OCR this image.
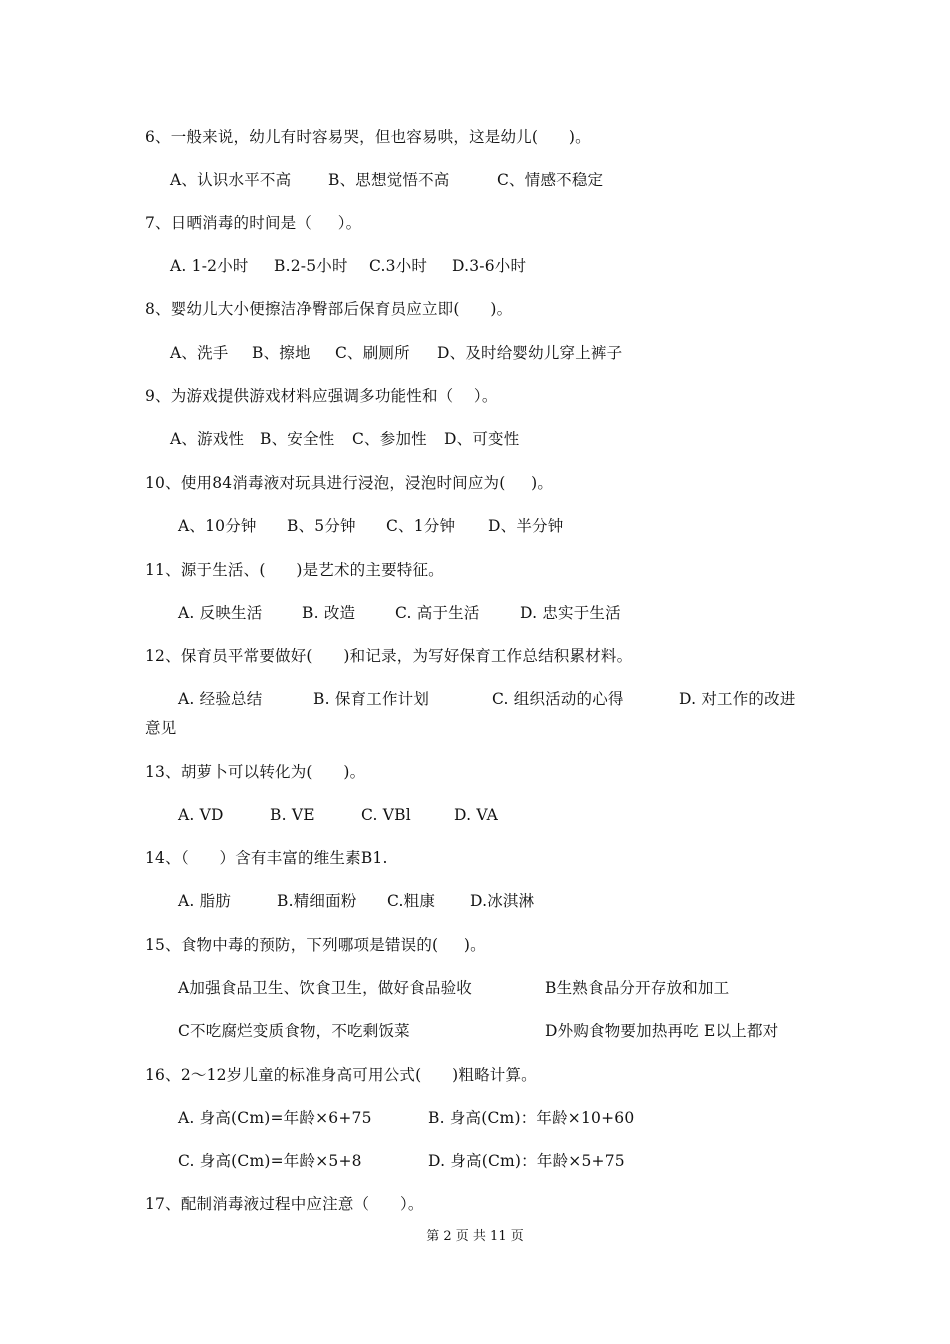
6、一般来说，幼儿有时容易哭，但也容易哄，这是幼儿(      )。
A、认识水平不高 B、思想觉悟不高	C、情感不稳定
7、日晒消毒的时间是（     ）。
A. 1-2小时 B.2-5小时 C.3小时 D.3-6小时
8、婴幼儿大小便擦洁净臀部后保育员应立即(      )。
A、洗手 B、擦地 C、刷厕所 D、及时给婴幼儿穿上裤子
9、为游戏提供游戏材料应强调多功能性和（    ）。
A、游戏性 B、安全性 C、参加性 D、可变性
10、使用84消毒液对玩具进行浸泡，浸泡时间应为(     )。
A、10分钟 B、5分钟 C、1分钟 D、半分钟
11、源于生活、(      )是艺术的主要特征。
A. 反映生活	B. 改造	C. 高于生活	D. 忠实于生活
12、保育员平常要做好(      )和记录，为写好保育工作总结积累材料。
A. 经验总结	B. 保育工作计划	C. 组织活动的心得	D. 对工作的改进
意见
13、胡萝卜可以转化为(      )。
A. VD	B. VE	C. VBl	D. VA
14、（      ）含有丰富的维生素B1.
A. 脂肪	B.精细面粉 C.粗康 D.冰淇淋
15、食物中毒的预防，下列哪项是错误的(     )。
A加强食品卫生、饮食卫生，做好食品验收	B生熟食品分开存放和加工
C不吃腐烂变质食物，不吃剩饭菜	D外购食物要加热再吃 E以上都对
16、2～12岁儿童的标准身高可用公式(      )粗略计算。
A. 身高(Cm)=年龄×6+75	B. 身高(Cm)：年龄×10+60
C. 身高(Cm)=年龄×5+8	D. 身高(Cm)：年龄×5+75
17、配制消毒液过程中应注意（      ）。
第 2 页 共 11 页
